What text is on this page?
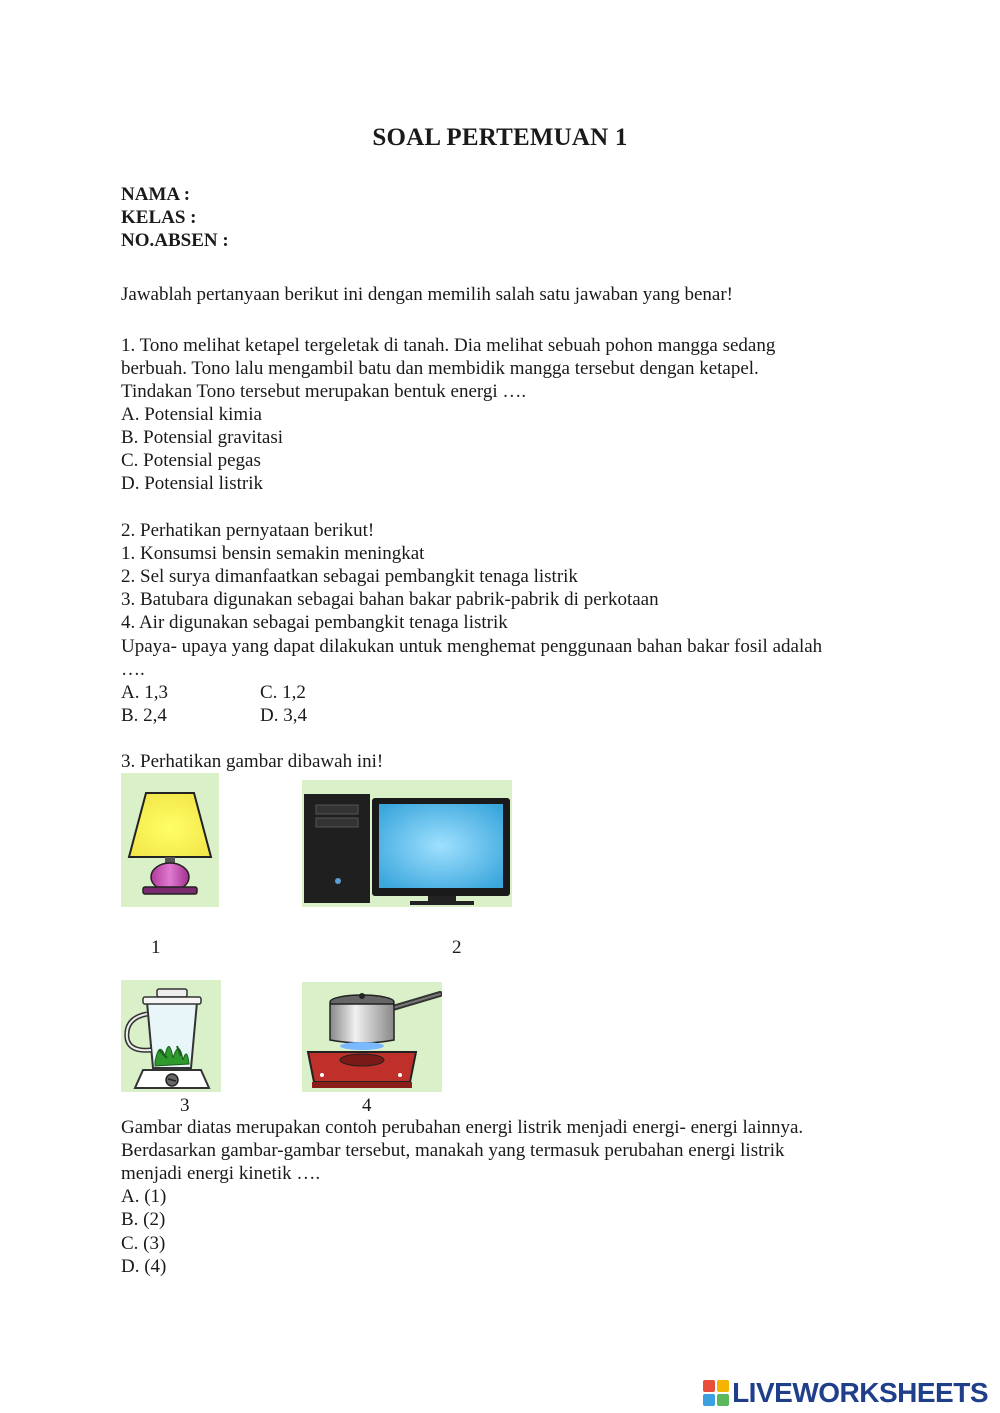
SOAL PERTEMUAN 1
NAMA :
KELAS :
NO.ABSEN :
Jawablah pertanyaan berikut ini dengan memilih salah satu jawaban yang benar!
1. Tono melihat ketapel tergeletak di tanah. Dia melihat sebuah pohon mangga sedang
berbuah. Tono lalu mengambil batu dan membidik mangga tersebut dengan ketapel.
Tindakan Tono tersebut merupakan bentuk energi ….
A. Potensial kimia
B. Potensial gravitasi
C. Potensial pegas
D. Potensial listrik
2. Perhatikan pernyataan berikut!
1. Konsumsi bensin semakin meningkat
2. Sel surya dimanfaatkan sebagai pembangkit tenaga listrik
3. Batubara digunakan sebagai bahan bakar pabrik-pabrik di perkotaan
4. Air digunakan sebagai pembangkit tenaga listrik
Upaya- upaya yang dapat dilakukan untuk menghemat penggunaan bahan bakar fosil adalah
….
A. 1,3	C. 1,2
B. 2,4	D. 3,4
3. Perhatikan gambar dibawah ini!
1	2
3	4
Gambar diatas merupakan contoh perubahan energi listrik menjadi energi- energi lainnya.
Berdasarkan gambar-gambar tersebut, manakah yang termasuk perubahan energi listrik
menjadi energi kinetik ….
A. (1)
B. (2)
C. (3)
D. (4)
LIVEWORKSHEETS
